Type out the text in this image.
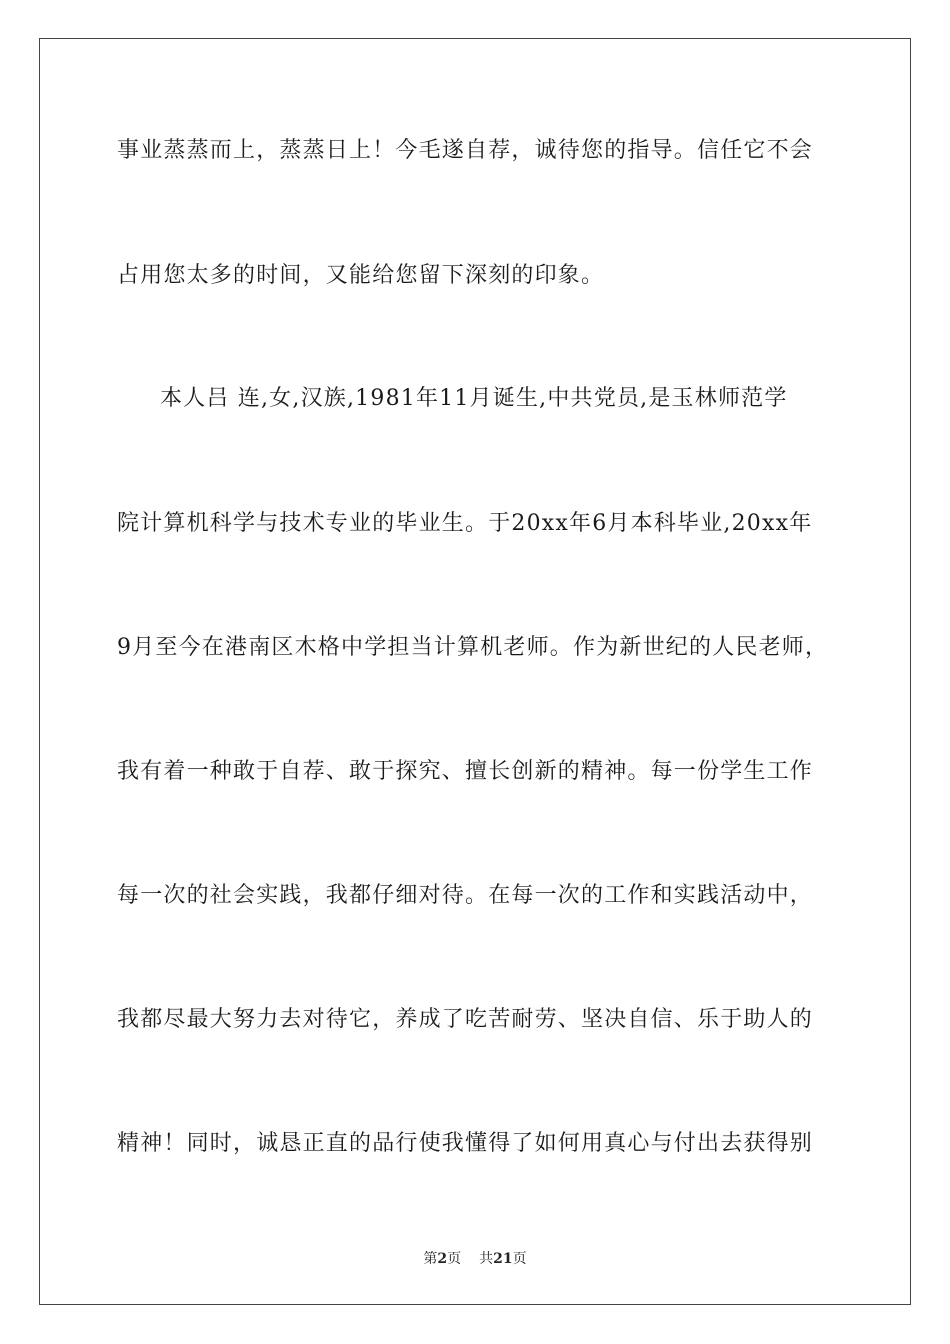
事业蒸蒸而上，蒸蒸日上！今毛遂自荐，诚待您的指导。信任它不会
占用您太多的时间，又能给您留下深刻的印象。
本人吕 连,女,汉族,1981年11月诞生,中共党员,是玉林师范学
院计算机科学与技术专业的毕业生。于20xx年6月本科毕业,20xx年
9月至今在港南区木格中学担当计算机老师。作为新世纪的人民老师，
我有着一种敢于自荐、敢于探究、擅长创新的精神。每一份学生工作
每一次的社会实践，我都仔细对待。在每一次的工作和实践活动中，
我都尽最大努力去对待它，养成了吃苦耐劳、坚决自信、乐于助人的
精神！同时，诚恳正直的品行使我懂得了如何用真心与付出去获得别
第2页 共21页
